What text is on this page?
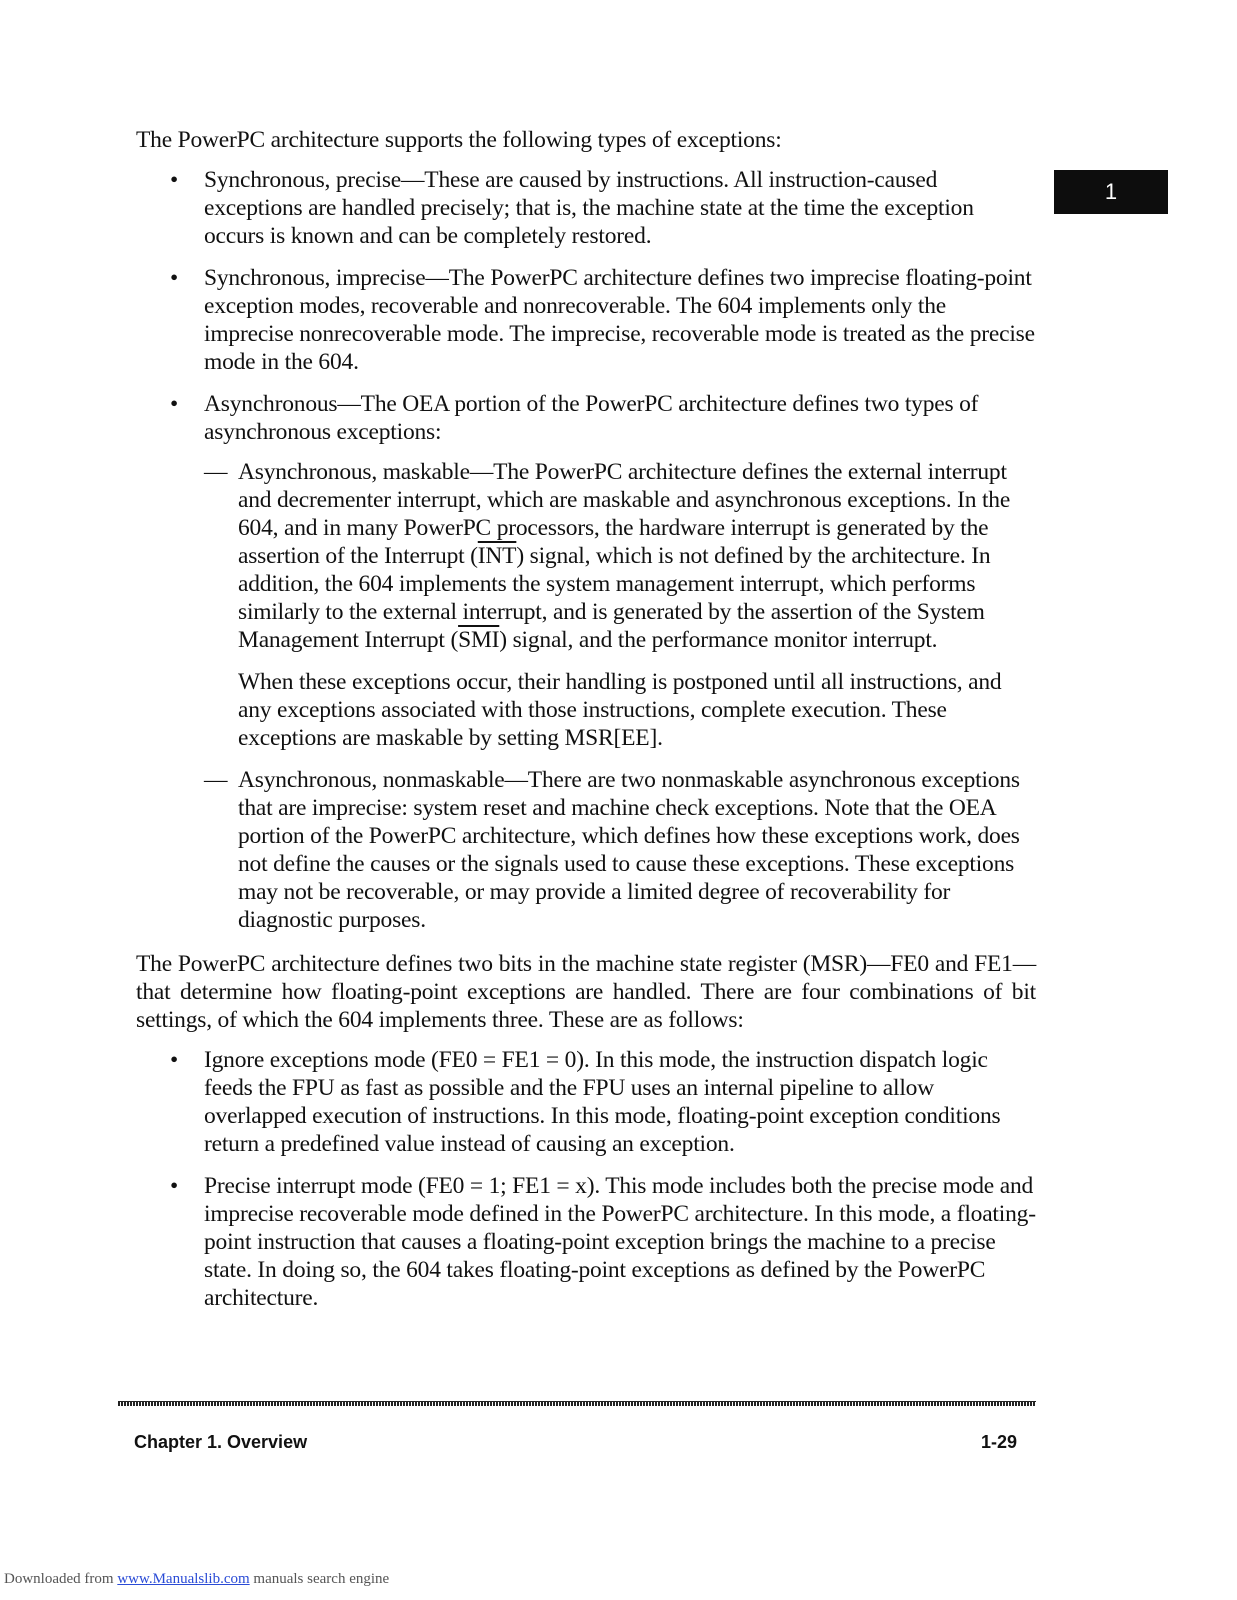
1

The PowerPC architecture supports the following types of exceptions:

• Synchronous, precise—These are caused by instructions. All instruction-caused exceptions are handled precisely; that is, the machine state at the time the exception occurs is known and can be completely restored.
• Synchronous, imprecise—The PowerPC architecture defines two imprecise floating-point exception modes, recoverable and nonrecoverable. The 604 implements only the imprecise nonrecoverable mode. The imprecise, recoverable mode is treated as the precise mode in the 604.
• Asynchronous—The OEA portion of the PowerPC architecture defines two types of asynchronous exceptions:
— Asynchronous, maskable—The PowerPC architecture defines the external interrupt and decrementer interrupt, which are maskable and asynchronous exceptions. In the 604, and in many PowerPC processors, the hardware interrupt is generated by the assertion of the Interrupt $(\overline{INT})$ signal, which is not defined by the architecture. In addition, the 604 implements the system management interrupt, which performs similarly to the external interrupt, and is generated by the assertion of the System Management Interrupt $(\overline{SMI})$ signal, and the performance monitor interrupt.

When these exceptions occur, their handling is postponed until all instructions, and any exceptions associated with those instructions, complete execution. These exceptions are maskable by setting MSR[EE].

— Asynchronous, nonmaskable—There are two nonmaskable asynchronous exceptions that are imprecise: system reset and machine check exceptions. Note that the OEA portion of the PowerPC architecture, which defines how these exceptions work, does not define the causes or the signals used to cause these exceptions. These exceptions may not be recoverable, or may provide a limited degree of recoverability for diagnostic purposes.

The PowerPC architecture defines two bits in the machine state register (MSR)—FE0 and FE1—that determine how floating-point exceptions are handled. There are four combinations of bit settings, of which the 604 implements three. These are as follows:

• Ignore exceptions mode (FE0 = FE1 = 0). In this mode, the instruction dispatch logic feeds the FPU as fast as possible and the FPU uses an internal pipeline to allow overlapped execution of instructions. In this mode, floating-point exception conditions return a predefined value instead of causing an exception.
• Precise interrupt mode (FE0 = 1; FE1 = x). This mode includes both the precise mode and imprecise recoverable mode defined in the PowerPC architecture. In this mode, a floating-point instruction that causes a floating-point exception brings the machine to a precise state. In doing so, the 604 takes floating-point exceptions as defined by the PowerPC architecture.
Chapter 1. Overview	1-29
Downloaded from www.Manualslib.com manuals search engine
